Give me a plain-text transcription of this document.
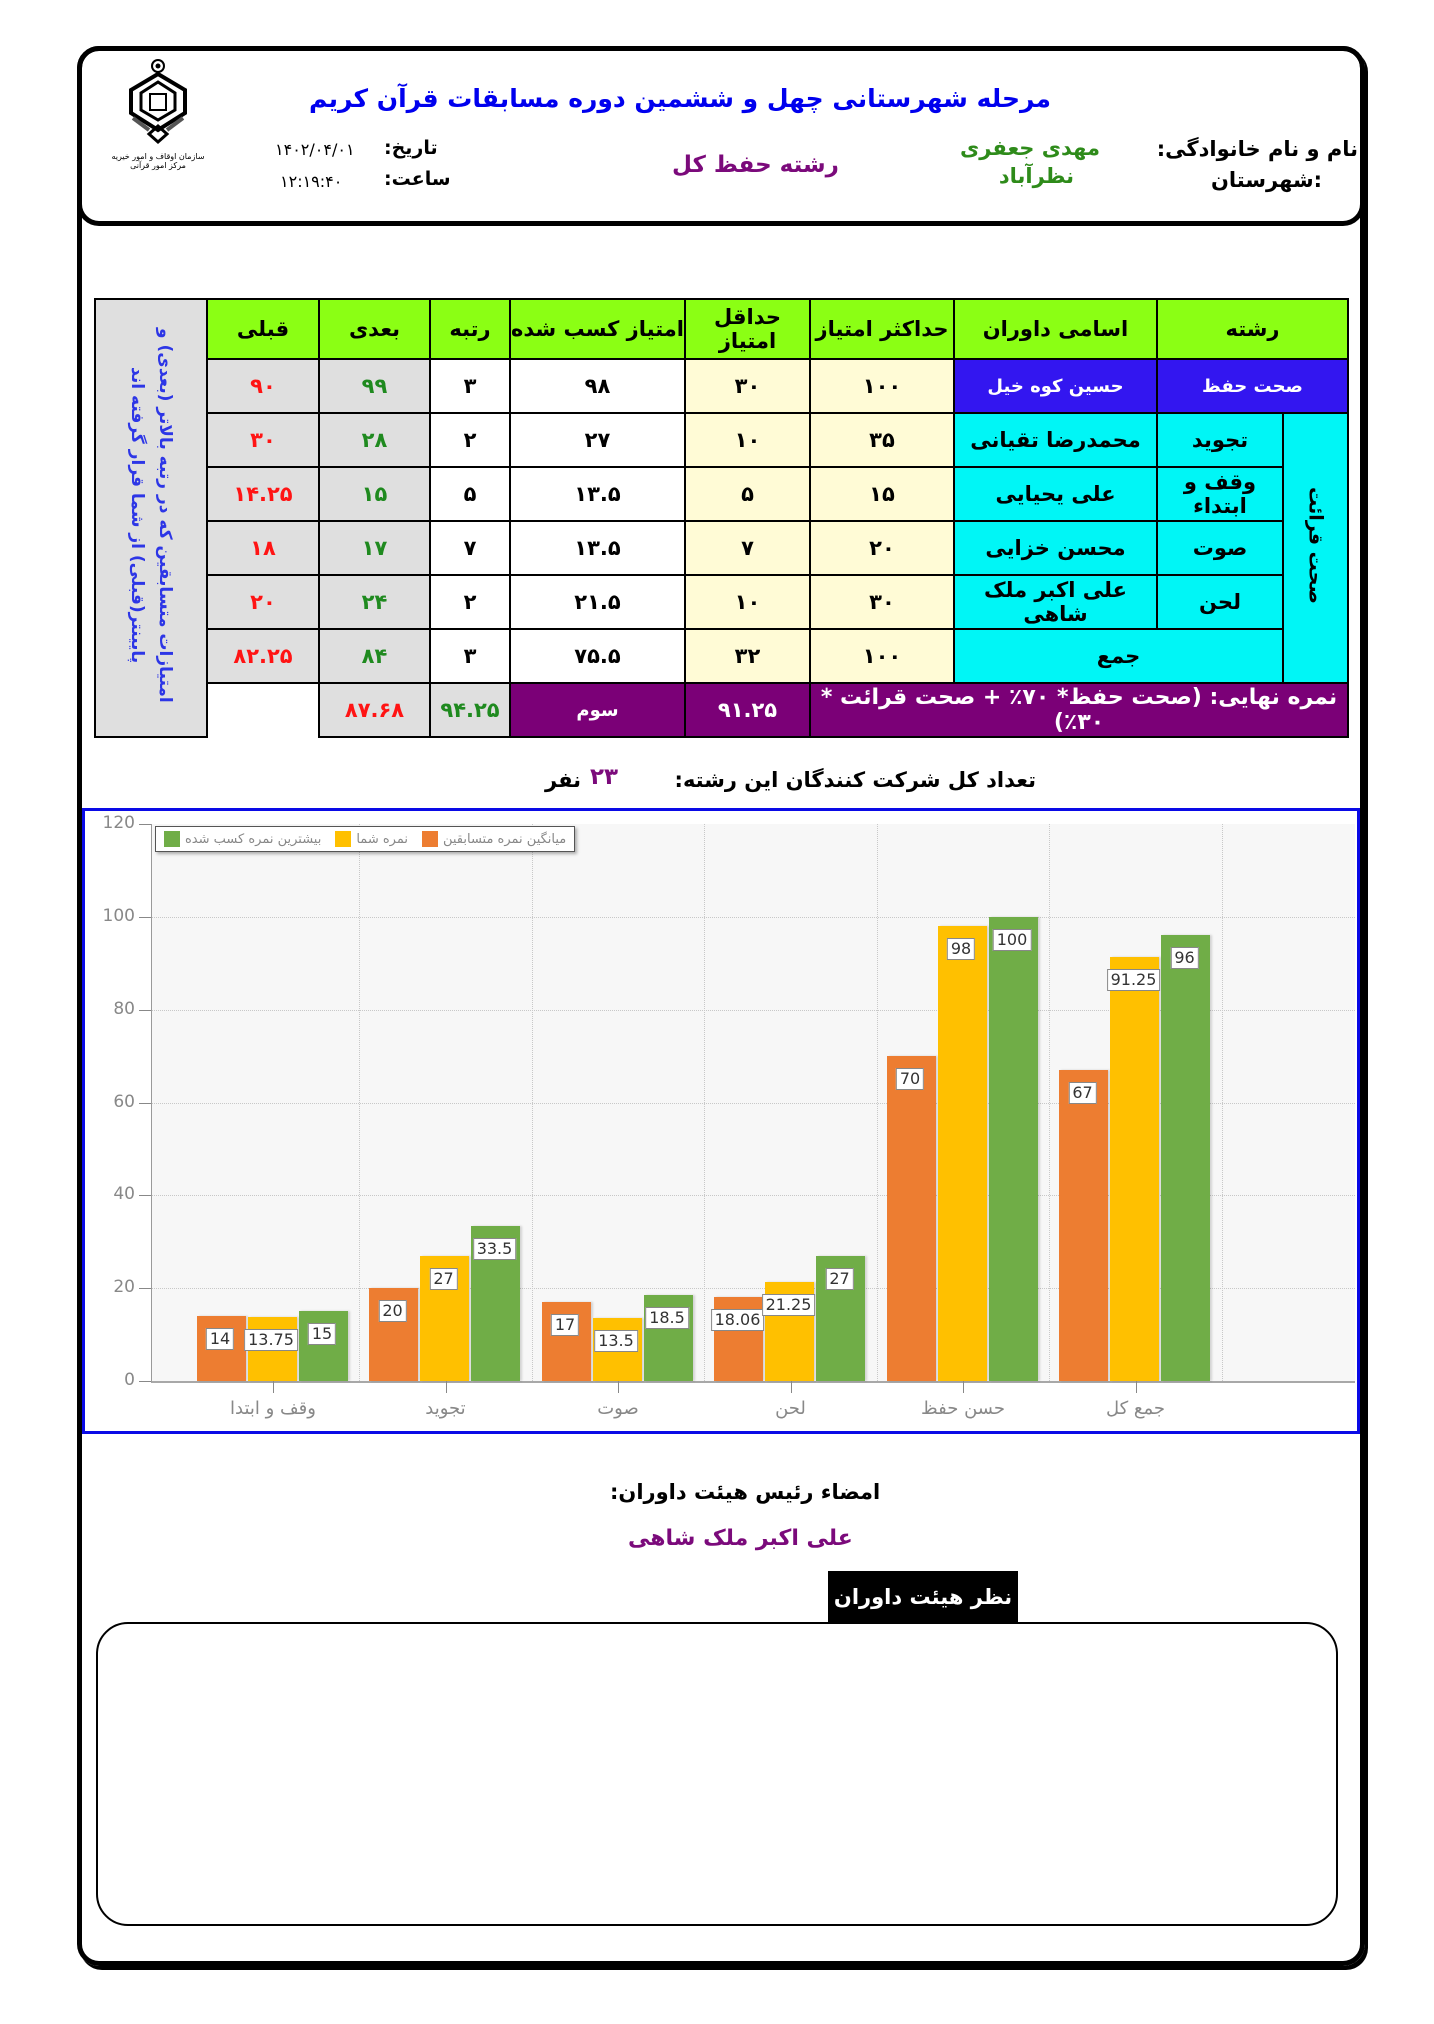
سازمان اوقاف و امور خیریه
مرکز امور قرآنی
مرحله شهرستانی چهل و ششمین دوره مسابقات قرآن کریم
نام و نام خانوادگی:
:شهرستان
مهدی جعفری
نظرآباد
رشته حفظ کل
تاریخ:
ساعت:
۱۴۰۲/۰۴/۰۱
۱۲:۱۹:۴۰
رشته		اسامی داوران	حداکثر امتیاز	حداقل امتیاز	امتیاز کسب شده	رتبه	بعدی	قبلی	امتیازات متسابقین که در رتبه بالاتر (بعدی) و پایینتر(قبلی) از شما قرار گرفته اند
صحت حفظ		حسین کوه خیل	۱۰۰	۳۰	۹۸	۳	۹۹	۹۰	
صحت قرائت	تجوید	محمدرضا تقیانی	۳۵	۱۰	۲۷	۲	۲۸	۳۰	
	وقف و ابتداء	علی یحیایی	۱۵	۵	۱۳.۵	۵	۱۵	۱۴.۲۵	
	صوت	محسن خزایی	۲۰	۷	۱۳.۵	۷	۱۷	۱۸	
	لحن	علی اکبر ملک شاهی	۳۰	۱۰	۲۱.۵	۲	۲۴	۲۰	
	جمع		۱۰۰	۳۲	۷۵.۵	۳	۸۴	۸۲.۲۵	
نمره نهایی: (صحت حفظ* ۷۰٪ + صحت قرائت * ۳۰٪)				۹۱.۲۵	سوم	۹۴.۲۵	۸۷.۶۸		
تعداد کل شرکت کنندگان این رشته:
۲۳
نفر
14 13.75 15
وقف و ابتدا
20
27
33.5
تجوید
17
13.5
18.5
صوت
18.06
21.25
27
لحن
70
98 100
حسن حفظ
67
91.25
96
جمع کل
میانگین نمره متسابقین
نمره شما
بیشترین نمره کسب شده
0
20
40
60
80
100
120
امضاء رئیس هیئت داوران:
علی اکبر ملک شاهی
نظر هیئت داوران
